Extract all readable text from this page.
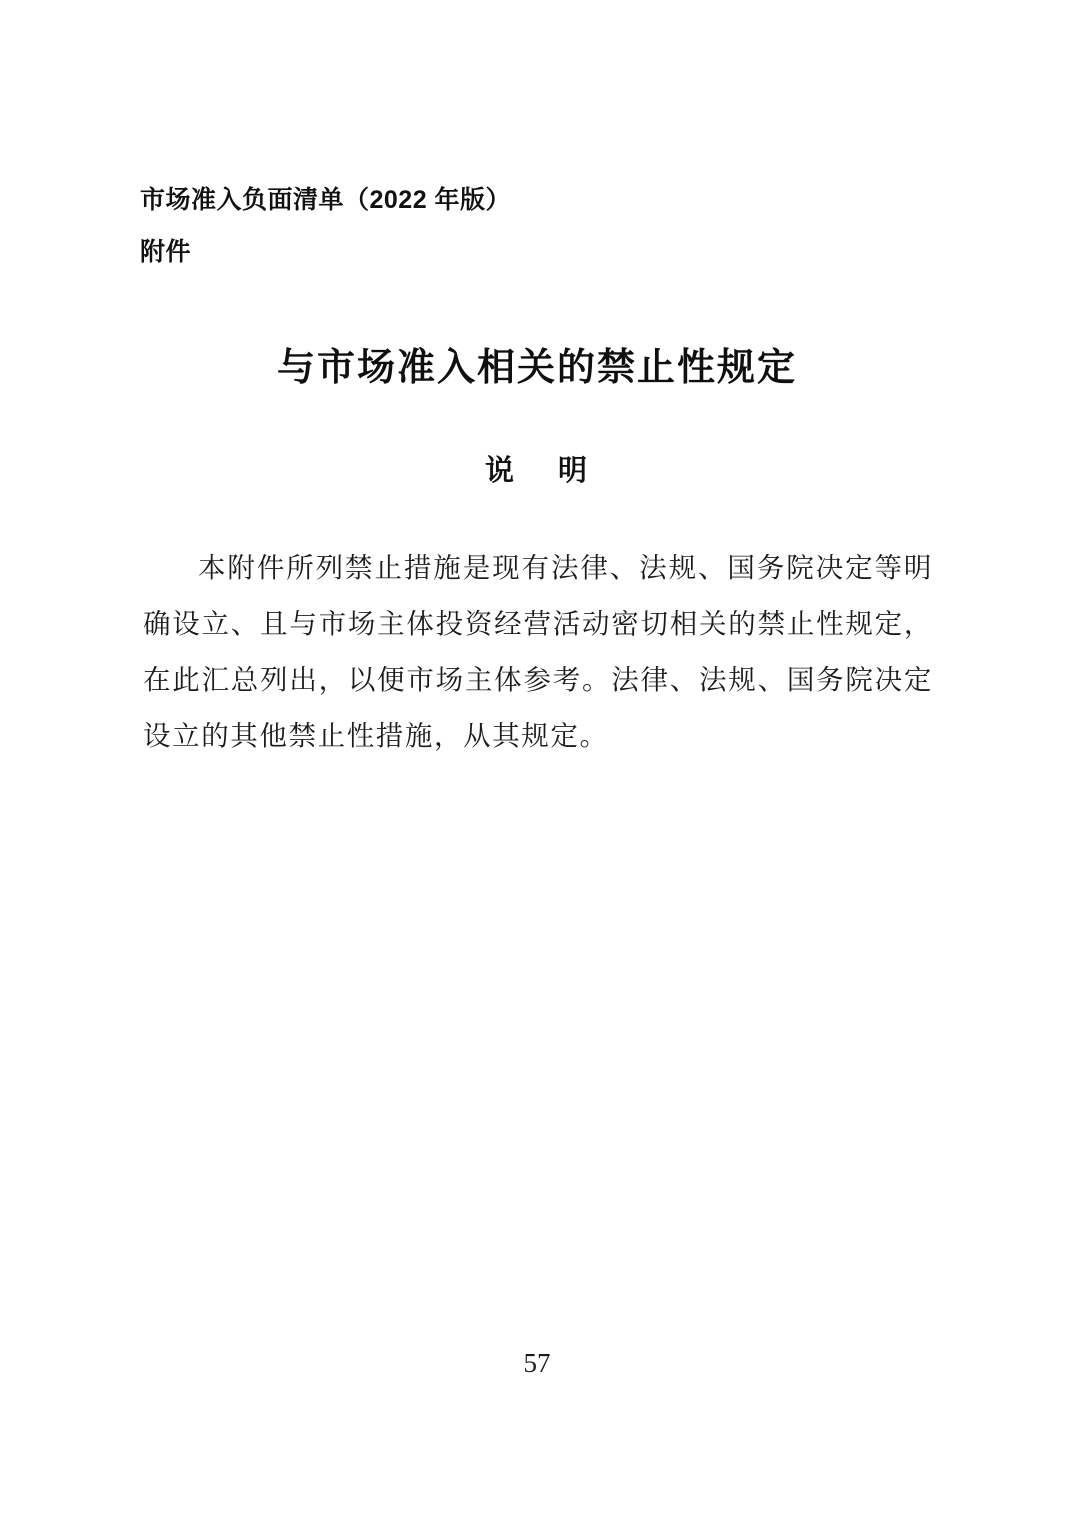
市场准入负面清单（2022 年版）
附件
与市场准入相关的禁止性规定
说 明

本附件所列禁止措施是现有法律、法规、国务院决定等明确设立、且与市场主体投资经营活动密切相关的禁止性规定，在此汇总列出，以便市场主体参考。法律、法规、国务院决定设立的其他禁止性措施，从其规定。

57
